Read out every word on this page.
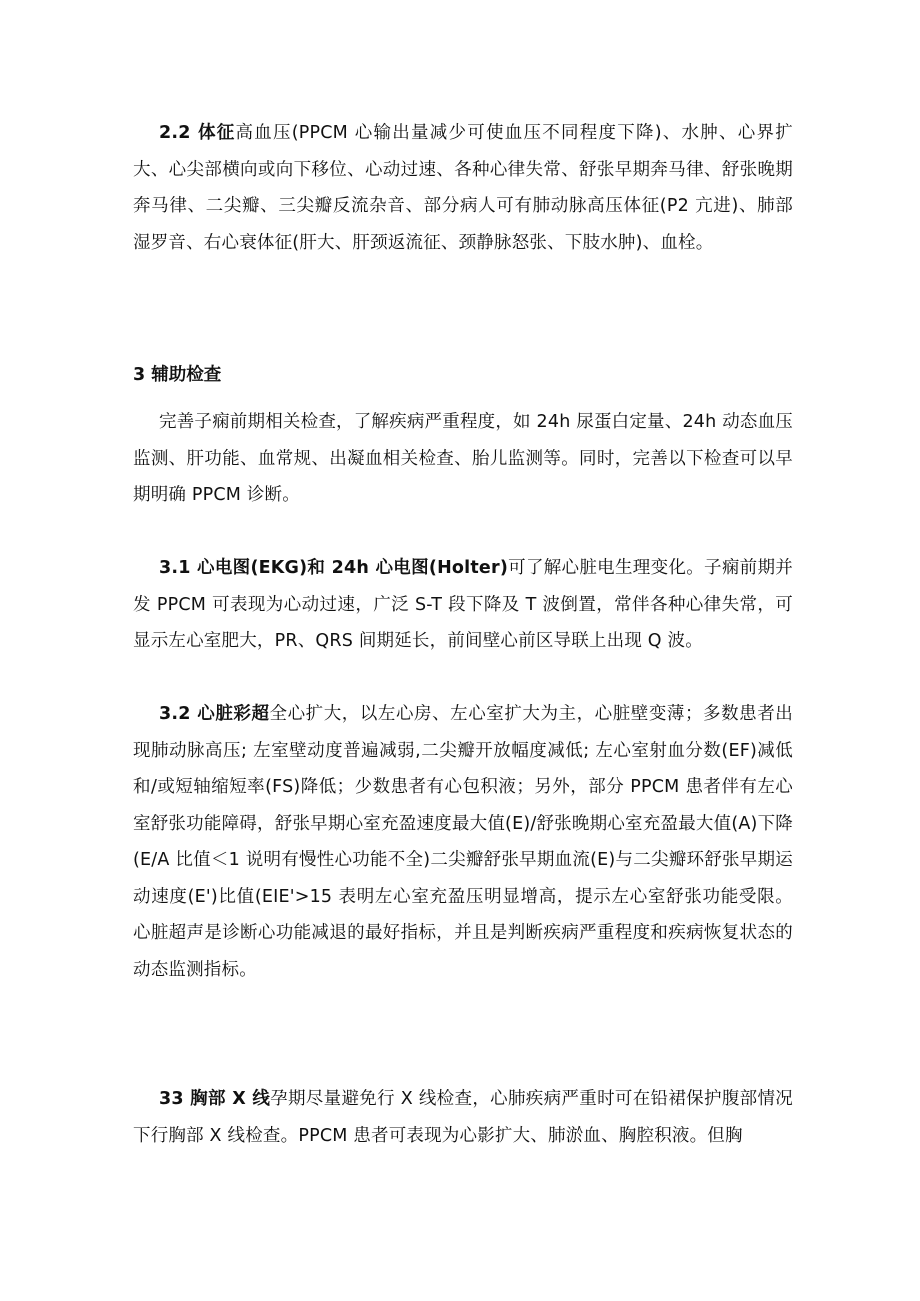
2.2 体征高血压(PPCM 心输出量减少可使血压不同程度下降)、水肿、心界扩大、心尖部横向或向下移位、心动过速、各种心律失常、舒张早期奔马律、舒张晚期奔马律、二尖瓣、三尖瓣反流杂音、部分病人可有肺动脉高压体征(P2 亢进)、肺部湿罗音、右心衰体征(肝大、肝颈返流征、颈静脉怒张、下肢水肿)、血栓。

3 辅助检查

完善子痫前期相关检查，了解疾病严重程度，如 24h 尿蛋白定量、24h 动态血压监测、肝功能、血常规、出凝血相关检查、胎儿监测等。同时，完善以下检查可以早期明确 PPCM 诊断。

3.1 心电图(EKG)和 24h 心电图(Holter)可了解心脏电生理变化。子痫前期并发 PPCM 可表现为心动过速，广泛 S-T 段下降及 T 波倒置，常伴各种心律失常，可显示左心室肥大，PR、QRS 间期延长，前间壁心前区导联上出现 Q 波。

3.2 心脏彩超全心扩大，以左心房、左心室扩大为主，心脏壁变薄；多数患者出现肺动脉高压; 左室壁动度普遍减弱,二尖瓣开放幅度减低; 左心室射血分数(EF)减低和/或短轴缩短率(FS)降低；少数患者有心包积液；另外，部分 PPCM 患者伴有左心室舒张功能障碍，舒张早期心室充盈速度最大值(E)/舒张晚期心室充盈最大值(A)下降(E/A 比值＜1 说明有慢性心功能不全)二尖瓣舒张早期血流(E)与二尖瓣环舒张早期运动速度(E')比值(EIE'>15 表明左心室充盈压明显增高，提示左心室舒张功能受限。心脏超声是诊断心功能减退的最好指标，并且是判断疾病严重程度和疾病恢复状态的动态监测指标。

33 胸部 X 线孕期尽量避免行 X 线检查，心肺疾病严重时可在铅裙保护腹部情况下行胸部 X 线检查。PPCM 患者可表现为心影扩大、肺淤血、胸腔积液。但胸
